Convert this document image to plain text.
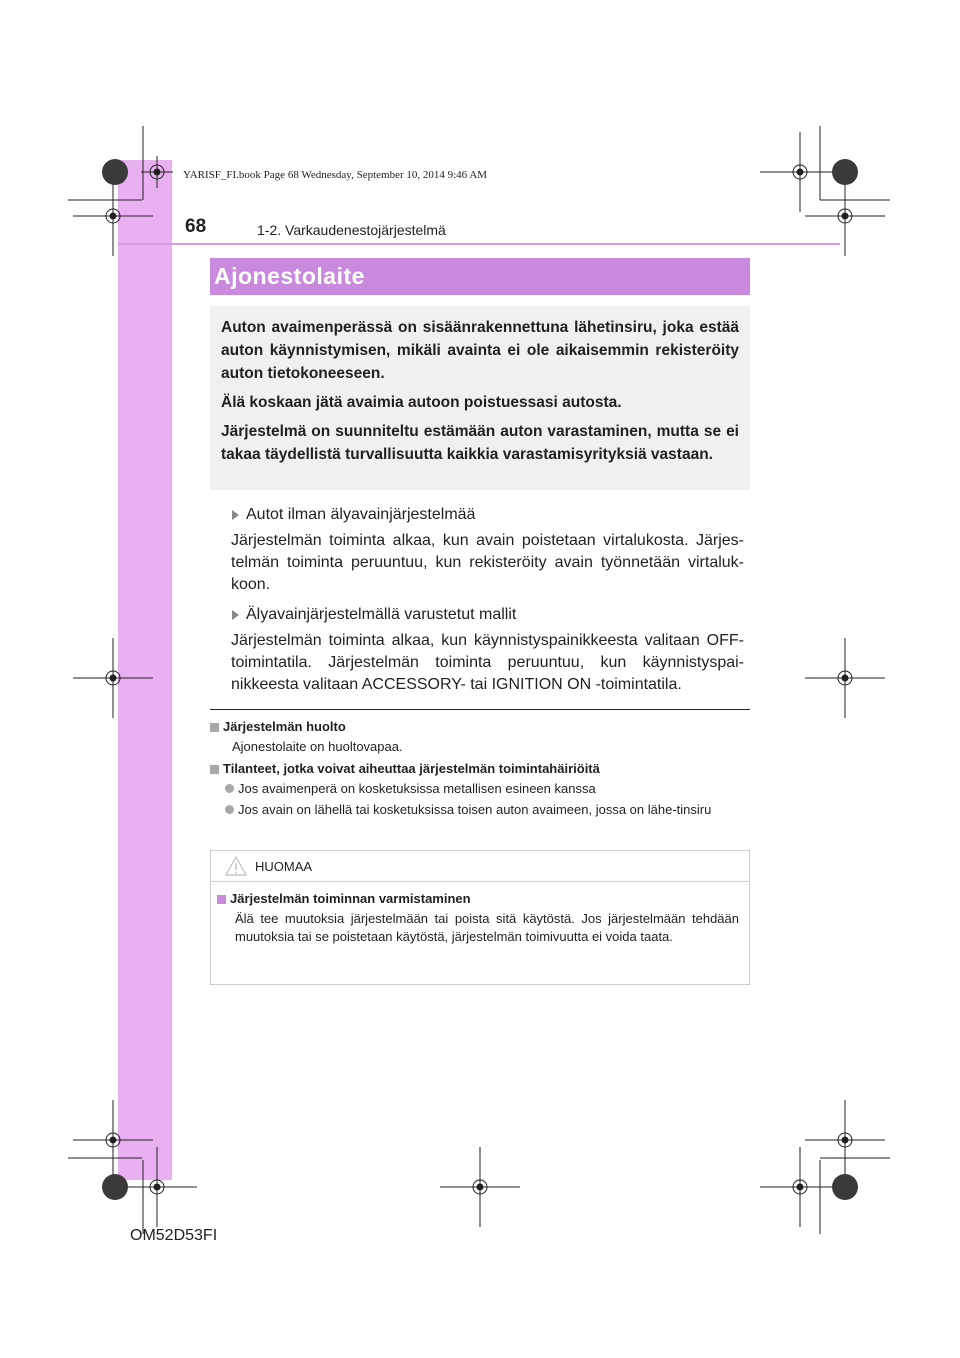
YARISF_FI.book Page 68 Wednesday, September 10, 2014 9:46 AM
68	1-2. Varkaudenestojärjestelmä
Ajonestolaite

Auton avaimenperässä on sisäänrakennettuna lähetinsiru, joka estää auton käynnistymisen, mikäli avainta ei ole aikaisemmin rekisteröity auton tietokoneeseen.

Älä koskaan jätä avaimia autoon poistuessasi autosta.

Järjestelmä on suunniteltu estämään auton varastaminen, mutta se ei takaa täydellistä turvallisuutta kaikkia varastamisyrityksiä vastaan.

Autot ilman älyavainjärjestelmää

Järjestelmän toiminta alkaa, kun avain poistetaan virtalukosta. Järjes-telmän toiminta peruuntuu, kun rekisteröity avain työnnetään virtaluk-koon.

Älyavainjärjestelmällä varustetut mallit

Järjestelmän toiminta alkaa, kun käynnistyspainikkeesta valitaan OFF-toimintatila. Järjestelmän toiminta peruuntuu, kun käynnistyspai-nikkeesta valitaan ACCESSORY- tai IGNITION ON -toimintatila.

Järjestelmän huolto
Ajonestolaite on huoltovapaa.
Tilanteet, jotka voivat aiheuttaa järjestelmän toimintahäiriöitä
Jos avaimenperä on kosketuksissa metallisen esineen kanssa
Jos avain on lähellä tai kosketuksissa toisen auton avaimeen, jossa on lähe-tinsiru
HUOMAA
Järjestelmän toiminnan varmistaminen
Älä tee muutoksia järjestelmään tai poista sitä käytöstä. Jos järjestelmään tehdään muutoksia tai se poistetaan käytöstä, järjestelmän toimivuutta ei voida taata.
OM52D53FI
